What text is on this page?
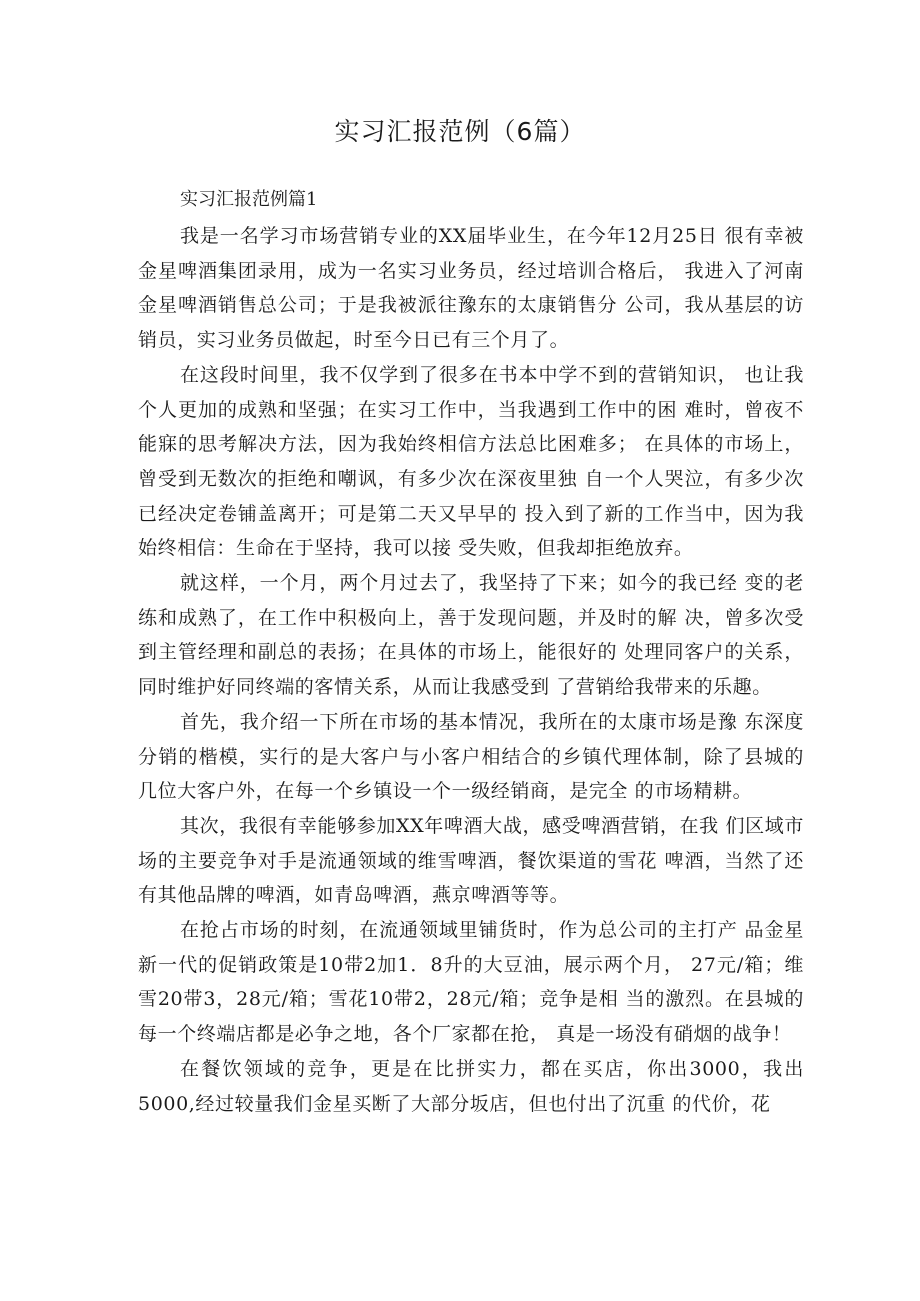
实习汇报范例（6篇）
实习汇报范例篇1

我是一名学习市场营销专业的XX届毕业生，在今年12月25日 很有幸被金星啤酒集团录用，成为一名实习业务员，经过培训合格后， 我进入了河南金星啤酒销售总公司；于是我被派往豫东的太康销售分 公司，我从基层的访销员，实习业务员做起，时至今日已有三个月了。

在这段时间里，我不仅学到了很多在书本中学不到的营销知识， 也让我个人更加的成熟和坚强；在实习工作中，当我遇到工作中的困 难时，曾夜不能寐的思考解决方法，因为我始终相信方法总比困难多； 在具体的市场上，曾受到无数次的拒绝和嘲讽，有多少次在深夜里独 自一个人哭泣，有多少次已经决定卷铺盖离开；可是第二天又早早的 投入到了新的工作当中，因为我始终相信：生命在于坚持，我可以接 受失败，但我却拒绝放弃。

就这样，一个月，两个月过去了，我坚持了下来；如今的我已经 变的老练和成熟了，在工作中积极向上，善于发现问题，并及时的解 决，曾多次受到主管经理和副总的表扬；在具体的市场上，能很好的 处理同客户的关系，同时维护好同终端的客情关系，从而让我感受到 了营销给我带来的乐趣。

首先，我介绍一下所在市场的基本情况，我所在的太康市场是豫 东深度分销的楷模，实行的是大客户与小客户相结合的乡镇代理体制，除了县城的几位大客户外，在每一个乡镇设一个一级经销商，是完全 的市场精耕。

其次，我很有幸能够参加XX年啤酒大战，感受啤酒营销，在我 们区域市场的主要竞争对手是流通领域的维雪啤酒，餐饮渠道的雪花 啤酒，当然了还有其他品牌的啤酒，如青岛啤酒，燕京啤酒等等。

在抢占市场的时刻，在流通领域里铺货时，作为总公司的主打产 品金星新一代的促销政策是10带2加1．8升的大豆油，展示两个月， 27元/箱；维雪20带3，28元/箱；雪花10带2，28元/箱；竞争是相 当的激烈。在县城的每一个终端店都是必争之地，各个厂家都在抢， 真是一场没有硝烟的战争！

在餐饮领域的竞争，更是在比拼实力，都在买店，你出3000，我出5000,经过较量我们金星买断了大部分坂店，但也付出了沉重 的代价，花
